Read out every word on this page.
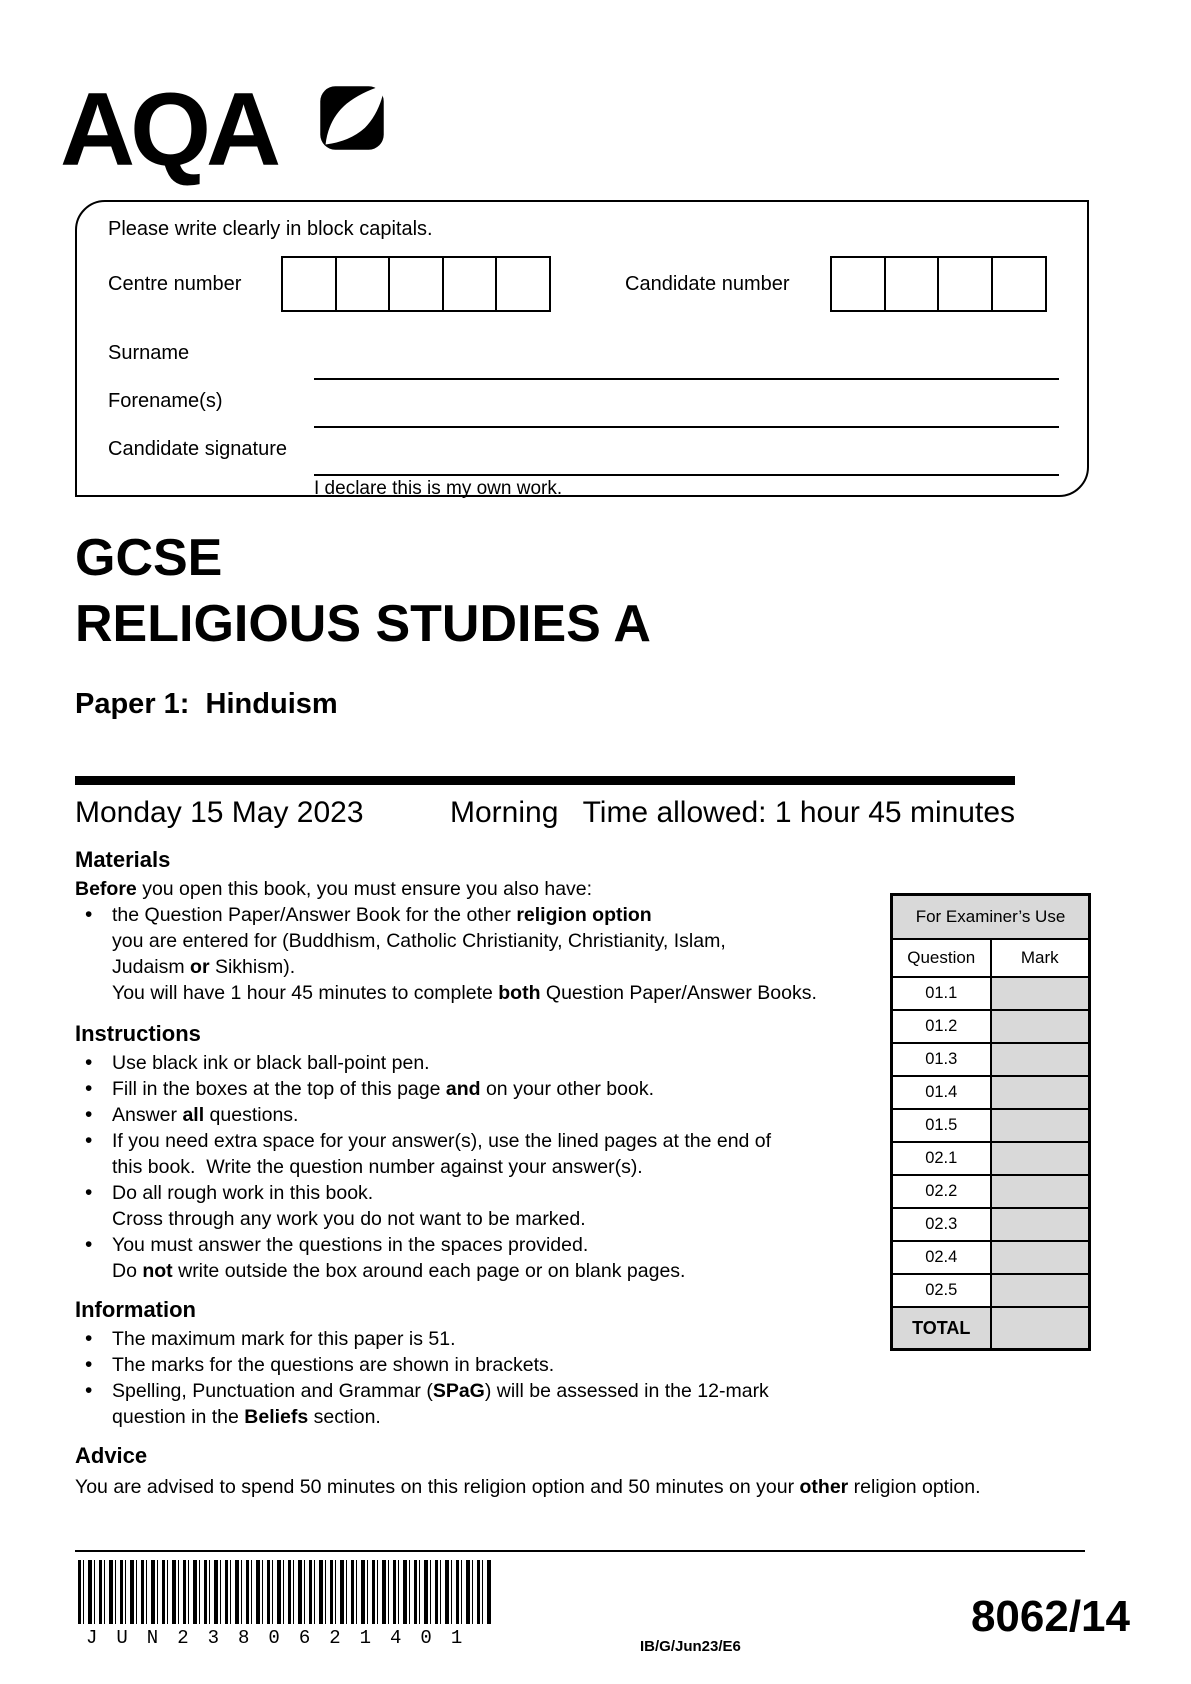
AQA
Please write clearly in block capitals.
Centre number	Candidate number
Surname
Forename(s)
Candidate signature
I declare this is my own work.
GCSE
RELIGIOUS STUDIES A
Paper 1:  Hinduism
Monday 15 May 2023	Morning Time allowed: 1 hour 45 minutes
Materials
Before you open this book, you must ensure you also have:
• the Question Paper/Answer Book for the other religion option
you are entered for (Buddhism, Catholic Christianity, Christianity, Islam,
Judaism or Sikhism).
You will have 1 hour 45 minutes to complete both Question Paper/Answer Books.
Instructions
• Use black ink or black ball-point pen.
• Fill in the boxes at the top of this page and on your other book.
• Answer all questions.
• If you need extra space for your answer(s), use the lined pages at the end of
this book.  Write the question number against your answer(s).
• Do all rough work in this book.
Cross through any work you do not want to be marked.
• You must answer the questions in the spaces provided.
Do not write outside the box around each page or on blank pages.
Information
• The maximum mark for this paper is 51.
• The marks for the questions are shown in brackets.
• Spelling, Punctuation and Grammar (SPaG) will be assessed in the 12-mark
question in the Beliefs section.
Advice
You are advised to spend 50 minutes on this religion option and 50 minutes on your other religion option.
For Examiner’s Use	
Question	Mark
01.1	
01.2	
01.3	
01.4	
01.5	
02.1	
02.2	
02.3	
02.4	
02.5	
TOTAL	
JUN2380621401	IB/G/Jun23/E6
8062/14
